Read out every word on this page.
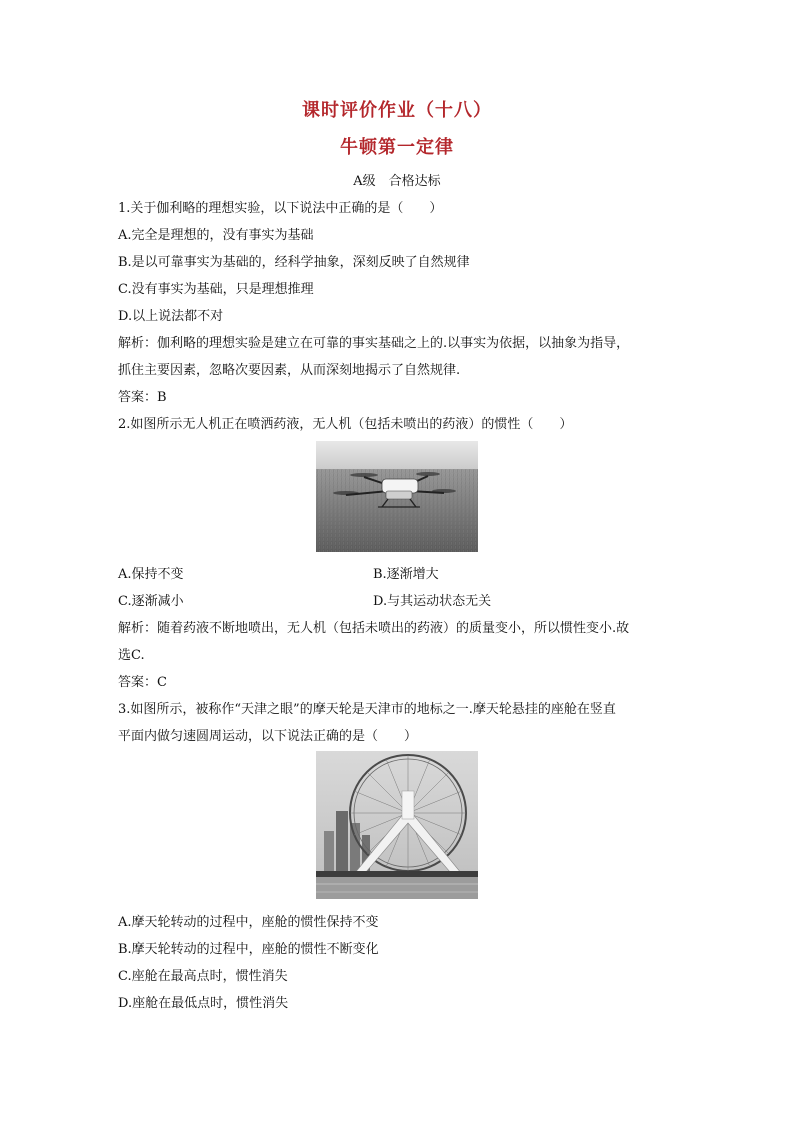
课时评价作业（十八）
牛顿第一定律
A级　合格达标
1.关于伽利略的理想实验，以下说法中正确的是（　　）
A.完全是理想的，没有事实为基础
B.是以可靠事实为基础的，经科学抽象，深刻反映了自然规律
C.没有事实为基础，只是理想推理
D.以上说法都不对
解析：伽利略的理想实验是建立在可靠的事实基础之上的.以事实为依据，以抽象为指导，
抓住主要因素，忽略次要因素，从而深刻地揭示了自然规律.
答案：B
2.如图所示无人机正在喷洒药液，无人机（包括未喷出的药液）的惯性（　　）
A.保持不变	B.逐渐增大
C.逐渐减小	D.与其运动状态无关
解析：随着药液不断地喷出，无人机（包括未喷出的药液）的质量变小，所以惯性变小.故
选C.
答案：C
3.如图所示，被称作“天津之眼”的摩天轮是天津市的地标之一.摩天轮悬挂的座舱在竖直
平面内做匀速圆周运动，以下说法正确的是（　　）
A.摩天轮转动的过程中，座舱的惯性保持不变
B.摩天轮转动的过程中，座舱的惯性不断变化
C.座舱在最高点时，惯性消失
D.座舱在最低点时，惯性消失
